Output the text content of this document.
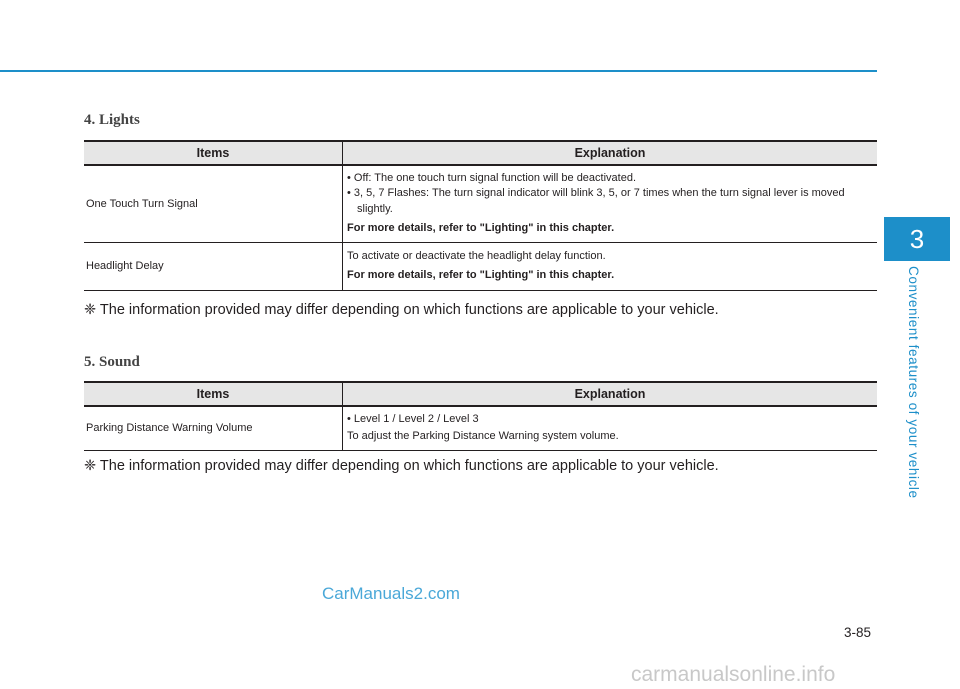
3
Convenient features of your vehicle
4. Lights
Items	Explanation
One Touch Turn Signal	• Off: The one touch turn signal function will be deactivated.
• 3, 5, 7 Flashes: The turn signal indicator will blink 3, 5, or 7 times when the turn signal lever is moved slightly.
For more details, refer to "Lighting" in this chapter.

Headlight Delay	To activate or deactivate the headlight delay function.
For more details, refer to "Lighting" in this chapter.
❈ The information provided may differ depending on which functions are applicable to your vehicle.
5. Sound
Items	Explanation
Parking Distance Warning Volume	• Level 1 / Level 2 / Level 3
To adjust the Parking Distance Warning system volume.
❈ The information provided may differ depending on which functions are applicable to your vehicle.
CarManuals2.com
3-85
carmanualsonline.info
